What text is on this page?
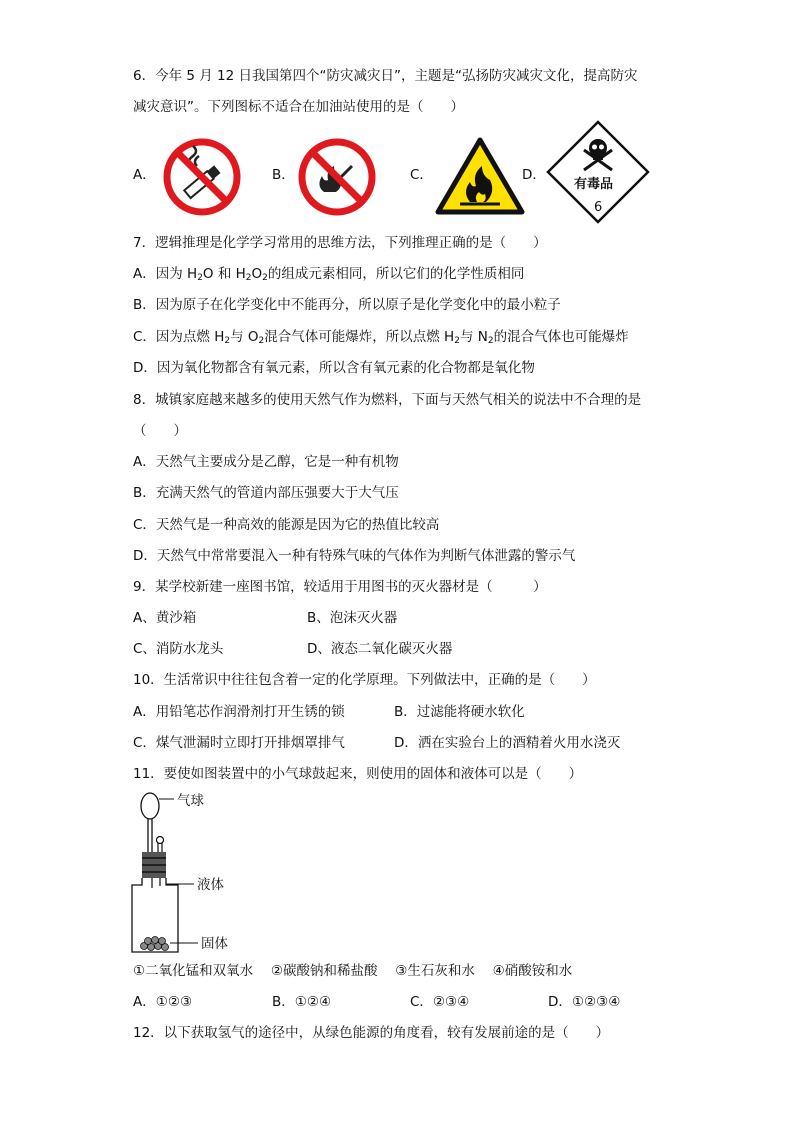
6．今年 5 月 12 日我国第四个“防灾减灾日”，主题是“弘扬防灾减灾文化，提高防灾
减灾意识”。下列图标不适合在加油站使用的是（　　）
A．	B．	C．	D．
有毒品
6
7．逻辑推理是化学学习常用的思维方法，下列推理正确的是（　　）
A．因为 $H_2O$ 和 $H_2O_2$的组成元素相同，所以它们的化学性质相同
B．因为原子在化学变化中不能再分，所以原子是化学变化中的最小粒子
C．因为点燃 $H_2$与 $O_2$混合气体可能爆炸，所以点燃 $H_2$与 $N_2$的混合气体也可能爆炸
D．因为氧化物都含有氧元素，所以含有氧元素的化合物都是氧化物
8．城镇家庭越来越多的使用天然气作为燃料，下面与天然气相关的说法中不合理的是
（　　）
A．天然气主要成分是乙醇，它是一种有机物
B．充满天然气的管道内部压强要大于大气压
C．天然气是一种高效的能源是因为它的热值比较高
D．天然气中常常要混入一种有特殊气味的气体作为判断气体泄露的警示气
9．某学校新建一座图书馆，较适用于用图书的灭火器材是（　　　）
A、黄沙箱	B、泡沫灭火器
C、消防水龙头	D、液态二氧化碳灭火器
10．生活常识中往往包含着一定的化学原理。下列做法中，正确的是（　　）
A．用铅笔芯作润滑剂打开生锈的锁	B．过滤能将硬水软化
C．煤气泄漏时立即打开排烟罩排气	D．洒在实验台上的酒精着火用水浇灭
11．要使如图装置中的小气球鼓起来，则使用的固体和液体可以是（　　）
气球
液体
固体
①二氧化锰和双氧水　 ②碳酸钠和稀盐酸　 ③生石灰和水　 ④硝酸铵和水
A．①②③	B．①②④	C．②③④	D．①②③④
12．以下获取氢气的途径中，从绿色能源的角度看，较有发展前途的是（　　）
